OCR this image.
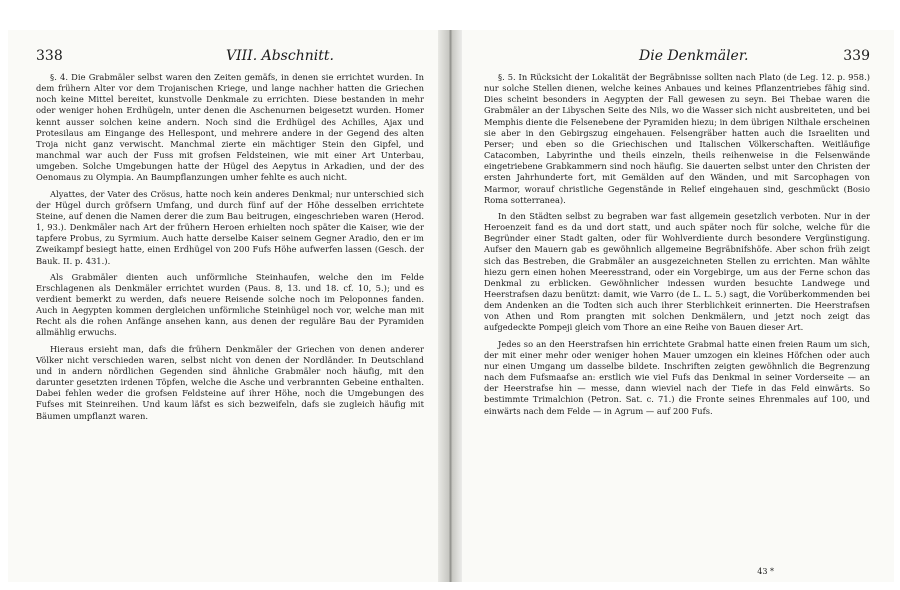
338	VIII. Abschnitt.

§. 4. Die Grabmäler selbst waren den Zeiten gemäfs, in denen sie errichtet wurden. In dem frühern Alter vor dem Trojanischen Kriege, und lange nachher hatten die Griechen noch keine Mittel bereitet, kunstvolle Denkmale zu errichten. Diese bestanden in mehr oder weniger hohen Erdhügeln, unter denen die Aschenurnen beigesetzt wurden. Homer kennt ausser solchen keine andern. Noch sind die Erdhügel des Achilles, Ajax und Protesilaus am Eingange des Hellespont, und mehrere andere in der Gegend des alten Troja nicht ganz verwischt. Manchmal zierte ein mächtiger Stein den Gipfel, und manchmal war auch der Fuss mit grofsen Feldsteinen, wie mit einer Art Unterbau, umgeben. Solche Umgebungen hatte der Hügel des Aepytus in Arkadien, und der des Oenomaus zu Olympia. An Baumpflanzungen umher fehlte es auch nicht.

Alyattes, der Vater des Crösus, hatte noch kein anderes Denkmal; nur unterschied sich der Hügel durch gröfsern Umfang, und durch fünf auf der Höhe desselben errichtete Steine, auf denen die Namen derer die zum Bau beitrugen, eingeschrieben waren (Herod. 1, 93.). Denkmäler nach Art der frühern Heroen erhielten noch später die Kaiser, wie der tapfere Probus, zu Syrmium. Auch hatte derselbe Kaiser seinem Gegner Aradio, den er im Zweikampf besiegt hatte, einen Erdhügel von 200 Fufs Höhe aufwerfen lassen (Gesch. der Bauk. II. p. 431.).

Als Grabmäler dienten auch unförmliche Steinhaufen, welche den im Felde Erschlagenen als Denkmäler errichtet wurden (Paus. 8, 13. und 18. cf. 10, 5.); und es verdient bemerkt zu werden, dafs neuere Reisende solche noch im Peloponnes fanden. Auch in Aegypten kommen dergleichen unförmliche Steinhügel noch vor, welche man mit Recht als die rohen Anfänge ansehen kann, aus denen der reguläre Bau der Pyramiden allmählig erwuchs.

Hieraus ersieht man, dafs die frühern Denkmäler der Griechen von denen anderer Völker nicht verschieden waren, selbst nicht von denen der Nordländer. In Deutschland und in andern nördlichen Gegenden sind ähnliche Grabmäler noch häufig, mit den darunter gesetzten irdenen Töpfen, welche die Asche und verbrannten Gebeine enthalten. Dabei fehlen weder die grofsen Feldsteine auf ihrer Höhe, noch die Umgebungen des Fufses mit Steinreihen. Und kaum läfst es sich bezweifeln, dafs sie zugleich häufig mit Bäumen umpflanzt waren.

Die Denkmäler.	339

§. 5. In Rücksicht der Lokalität der Begräbnisse sollten nach Plato (de Leg. 12. p. 958.) nur solche Stellen dienen, welche keines Anbaues und keines Pflanzentriebes fähig sind. Dies scheint besonders in Aegypten der Fall gewesen zu seyn. Bei Thebae waren die Grabmäler an der Libyschen Seite des Nils, wo die Wasser sich nicht ausbreiteten, und bei Memphis diente die Felsenebene der Pyramiden hiezu; in dem übrigen Nilthale erscheinen sie aber in den Gebirgszug eingehauen. Felsengräber hatten auch die Israeliten und Perser; und eben so die Griechischen und Italischen Völkerschaften. Weitläufige Catacomben, Labyrinthe und theils einzeln, theils reihenweise in die Felsenwände eingetriebene Grabkammern sind noch häufig. Sie dauerten selbst unter den Christen der ersten Jahrhunderte fort, mit Gemälden auf den Wänden, und mit Sarcophagen von Marmor, worauf christliche Gegenstände in Relief eingehauen sind, geschmückt (Bosio Roma sotterranea).

In den Städten selbst zu begraben war fast allgemein gesetzlich verboten. Nur in der Heroenzeit fand es da und dort statt, und auch später noch für solche, welche für die Begründer einer Stadt galten, oder für Wohlverdiente durch besondere Vergünstigung. Aufser den Mauern gab es gewöhnlich allgemeine Begräbnifshöfe. Aber schon früh zeigt sich das Bestreben, die Grabmäler an ausgezeichneten Stellen zu errichten. Man wählte hiezu gern einen hohen Meeresstrand, oder ein Vorgebirge, um aus der Ferne schon das Denkmal zu erblicken. Gewöhnlicher indessen wurden besuchte Landwege und Heerstrafsen dazu benützt: damit, wie Varro (de L. L. 5.) sagt, die Vorüberkommenden bei dem Andenken an die Todten sich auch ihrer Sterblichkeit erinnerten. Die Heerstrafsen von Athen und Rom prangten mit solchen Denkmälern, und jetzt noch zeigt das aufgedeckte Pompeji gleich vom Thore an eine Reihe von Bauen dieser Art.

Jedes so an den Heerstrafsen hin errichtete Grabmal hatte einen freien Raum um sich, der mit einer mehr oder weniger hohen Mauer umzogen ein kleines Höfchen oder auch nur einen Umgang um dasselbe bildete. Inschriften zeigten gewöhnlich die Begrenzung nach dem Fufsmaafse an: erstlich wie viel Fufs das Denkmal in seiner Vorderseite — an der Heerstrafse hin — messe, dann wieviel nach der Tiefe in das Feld einwärts. So bestimmte Trimalchion (Petron. Sat. c. 71.) die Fronte seines Ehrenmales auf 100, und einwärts nach dem Felde — in Agrum — auf 200 Fufs.

43 *
